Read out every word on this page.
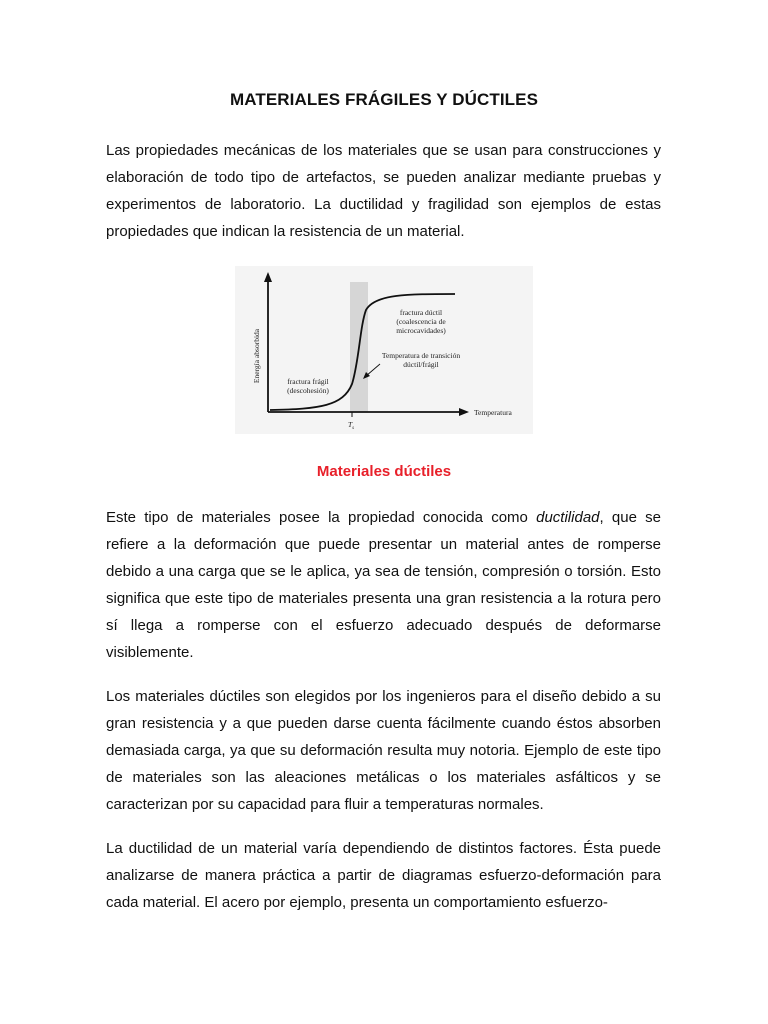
MATERIALES FRÁGILES Y DÚCTILES

Las propiedades mecánicas de los materiales que se usan para construcciones y elaboración de todo tipo de artefactos, se pueden analizar mediante pruebas y experimentos de laboratorio. La ductilidad y fragilidad son ejemplos de estas propiedades que indican la resistencia de un material.

Energía absorbida
Temperatura
$T_s$
fractura dúctil
(coalescencia de
microcavidades)
Temperatura de transición
dúctil/frágil
fractura frágil
(descohesión)
Materiales dúctiles

Este tipo de materiales posee la propiedad conocida como ductilidad, que se refiere a la deformación que puede presentar un material antes de romperse debido a una carga que se le aplica, ya sea de tensión, compresión o torsión. Esto significa que este tipo de materiales presenta una gran resistencia a la rotura pero sí llega a romperse con el esfuerzo adecuado después de deformarse visiblemente.

Los materiales dúctiles son elegidos por los ingenieros para el diseño debido a su gran resistencia y a que pueden darse cuenta fácilmente cuando éstos absorben demasiada carga, ya que su deformación resulta muy notoria. Ejemplo de este tipo de materiales son las aleaciones metálicas o los materiales asfálticos y se caracterizan por su capacidad para fluir a temperaturas normales.

La ductilidad de un material varía dependiendo de distintos factores. Ésta puede analizarse de manera práctica a partir de diagramas esfuerzo-deformación para cada material. El acero por ejemplo, presenta un comportamiento esfuerzo-
